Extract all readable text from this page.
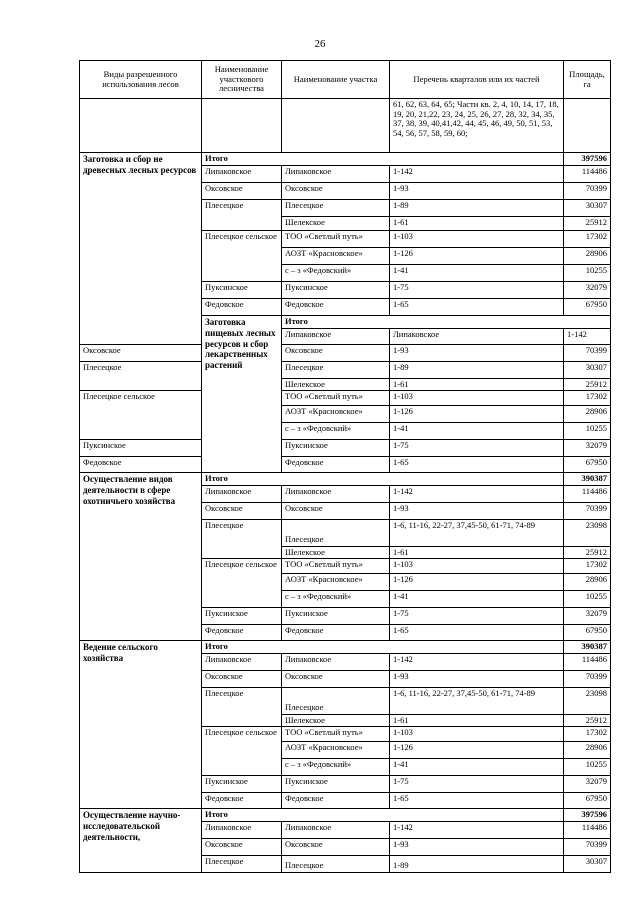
26
Виды разрешенного использования лесов	Наименование участкового лесничества	Наименование участка	Перечень кварталов или их частей	Площадь, га	
			61, 62, 63, 64, 65; Части кв. 2, 4, 10, 14, 17, 18, 19, 20, 21,22, 23, 24, 25, 26, 27, 28, 32, 34, 35, 37, 38, 39, 40,41,42, 44, 45, 46, 49, 50, 51, 53, 54, 56, 57, 58, 59, 60;		
Заготовка и сбор не древесных лесных ресурсов	Итого			397596	
	Липаковское	Липаковское	1-142	114486	
	Оксовское	Оксовское	1-93	70399	
	Плесецкое	Плесецкое	1-89	30307	
		Шелекское	1-61	25912	
	Плесецкое сельское	ТОО «Светлый путь»	1-103	17302	
		АОЗТ «Красновское»	1-126	28906	
		с – з «Федовский»	1-41	10255	
	Пуксинское	Пуксинское	1-75	32079	
	Федовское	Федовское	1-65	67950	
	Заготовка пищевых лесных ресурсов и сбор лекарственных растений	Итого	
		Липаковское	Липаковское	1-142	
Оксовское		Оксовское	1-93	70399	
Плесецкое		Плесецкое	1-89	30307	
		Шелекское	1-61	25912	
Плесецкое сельское		ТОО «Светлый путь»	1-103	17302	
		АОЗТ «Красновское»	1-126	28906	
		с – з «Федовский»	1-41	10255	
Пуксинское		Пуксинское	1-75	32079	
Федовское		Федовское	1-65	67950	
Осуществление видов деятельности в сфере охотничьего хозяйства	Итого			390387	
	Липаковское	Липаковское	1-142	114486	
	Оксовское	Оксовское	1-93	70399	
	Плесецкое	Плесецкое	1-6, 11-16, 22-27, 37,45-50, 61-71, 74-89	23098	
		Шелекское	1-61	25912	
	Плесецкое сельское	ТОО «Светлый путь»	1-103	17302	
		АОЗТ «Красновское»	1-126	28906	
		с – з «Федовский»	1-41	10255	
	Пуксинское	Пуксинское	1-75	32079	
	Федовское	Федовское	1-65	67950	
Ведение сельского хозяйства	Итого			390387	
	Липаковское	Липаковское	1-142	114486	
	Оксовское	Оксовское	1-93	70399	
	Плесецкое	Плесецкое	1-6, 11-16, 22-27, 37,45-50, 61-71, 74-89	23098	
		Шелекское	1-61	25912	
	Плесецкое сельское	ТОО «Светлый путь»	1-103	17302	
		АОЗТ «Красновское»	1-126	28906	
		с – з «Федовский»	1-41	10255	
	Пуксинское	Пуксинское	1-75	32079	
	Федовское	Федовское	1-65	67950	
Осуществление научно-исследовательской деятельности,	Итого			397596	
	Липаковское	Липаковское	1-142	114486	
	Оксовское	Оксовское	1-93	70399	
	Плесецкое	Плесецкое	1-89	30307	
